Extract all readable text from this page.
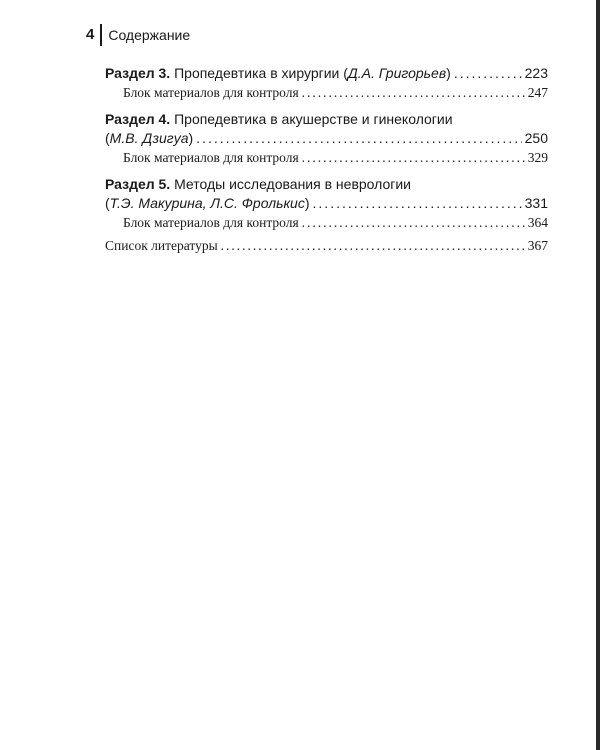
4 Содержание
Раздел 3. Пропедевтика в хирургии (Д.А. Григорьев) .....	223
Блок материалов для контроля .....	247
Раздел 4. Пропедевтика в акушерстве и гинекологии
(М.В. Дзигуа) .....	250
Блок материалов для контроля .....	329
Раздел 5. Методы исследования в неврологии
(Т.Э. Макурина, Л.С. Фролькис) .....	331
Блок материалов для контроля .....	364
Список литературы .....	367
